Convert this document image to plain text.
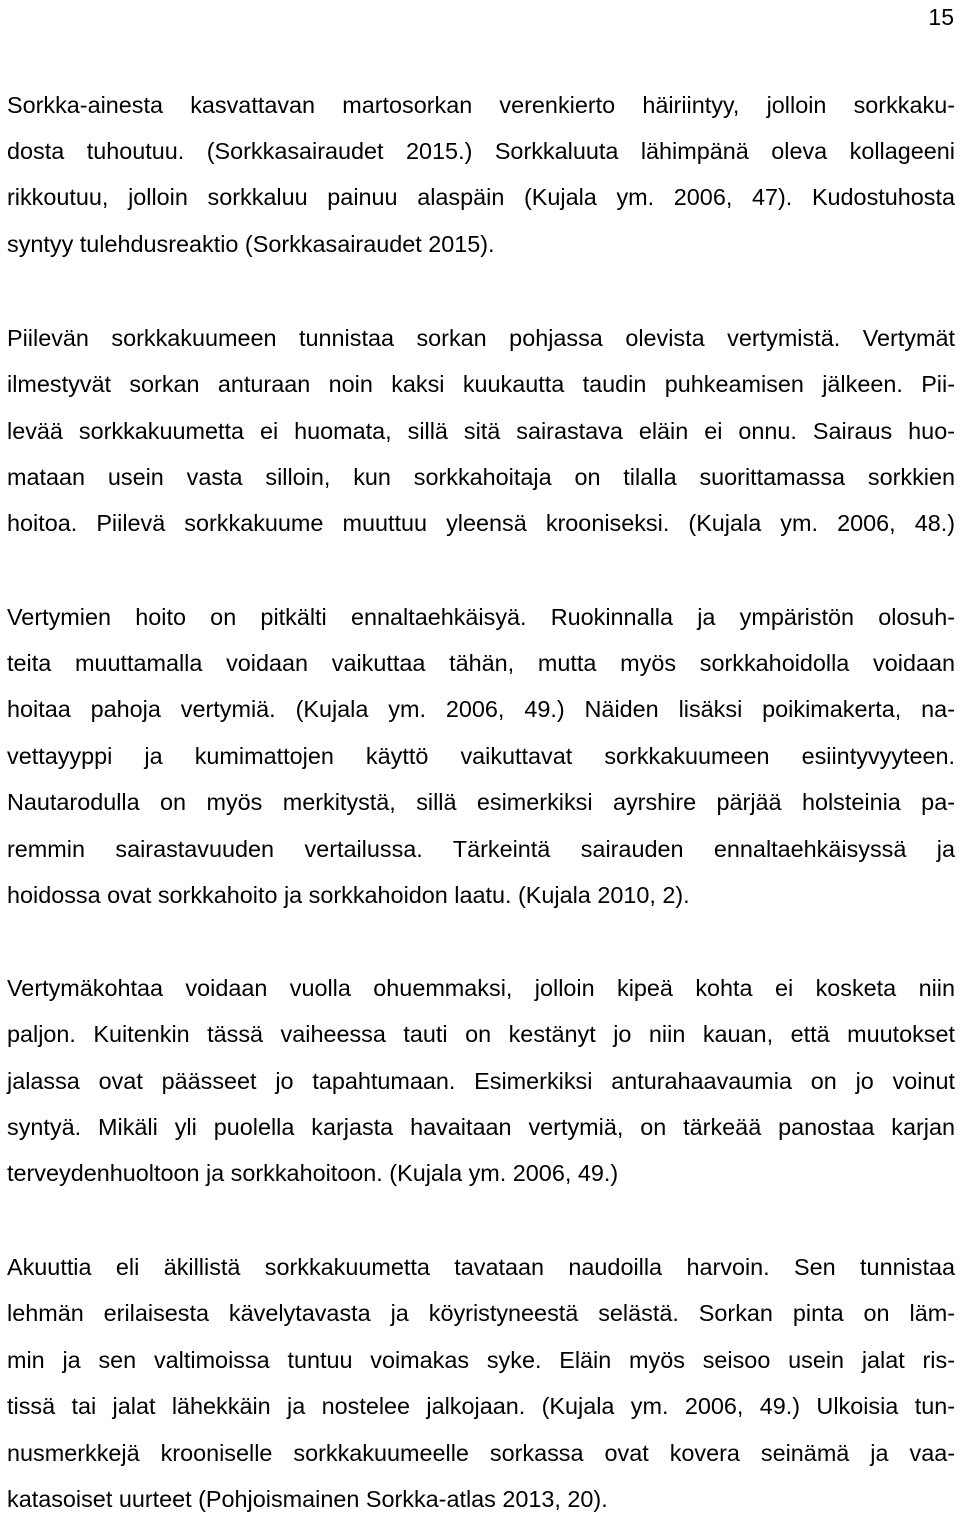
15
Sorkka-ainesta kasvattavan martosorkan verenkierto häiriintyy, jolloin sorkkaku-
dosta tuhoutuu. (Sorkkasairaudet 2015.) Sorkkaluuta lähimpänä oleva kollageeni
rikkoutuu, jolloin sorkkaluu painuu alaspäin (Kujala ym. 2006, 47). Kudostuhosta
syntyy tulehdusreaktio (Sorkkasairaudet 2015).
Piilevän sorkkakuumeen tunnistaa sorkan pohjassa olevista vertymistä. Vertymät
ilmestyvät sorkan anturaan noin kaksi kuukautta taudin puhkeamisen jälkeen. Pii-
levää sorkkakuumetta ei huomata, sillä sitä sairastava eläin ei onnu. Sairaus huo-
mataan usein vasta silloin, kun sorkkahoitaja on tilalla suorittamassa sorkkien
hoitoa. Piilevä sorkkakuume muuttuu yleensä krooniseksi. (Kujala ym. 2006, 48.)
Vertymien hoito on pitkälti ennaltaehkäisyä. Ruokinnalla ja ympäristön olosuh-
teita muuttamalla voidaan vaikuttaa tähän, mutta myös sorkkahoidolla voidaan
hoitaa pahoja vertymiä. (Kujala ym. 2006, 49.) Näiden lisäksi poikimakerta, na-
vettayyppi ja kumimattojen käyttö vaikuttavat sorkkakuumeen esiintyvyyteen.
Nautarodulla on myös merkitystä, sillä esimerkiksi ayrshire pärjää holsteinia pa-
remmin sairastavuuden vertailussa. Tärkeintä sairauden ennaltaehkäisyssä ja
hoidossa ovat sorkkahoito ja sorkkahoidon laatu. (Kujala 2010, 2).
Vertymäkohtaa voidaan vuolla ohuemmaksi, jolloin kipeä kohta ei kosketa niin
paljon. Kuitenkin tässä vaiheessa tauti on kestänyt jo niin kauan, että muutokset
jalassa ovat päässeet jo tapahtumaan. Esimerkiksi anturahaavaumia on jo voinut
syntyä. Mikäli yli puolella karjasta havaitaan vertymiä, on tärkeää panostaa karjan
terveydenhuoltoon ja sorkkahoitoon. (Kujala ym. 2006, 49.)
Akuuttia eli äkillistä sorkkakuumetta tavataan naudoilla harvoin. Sen tunnistaa
lehmän erilaisesta kävelytavasta ja köyristyneestä selästä. Sorkan pinta on läm-
min ja sen valtimoissa tuntuu voimakas syke. Eläin myös seisoo usein jalat ris-
tissä tai jalat lähekkäin ja nostelee jalkojaan. (Kujala ym. 2006, 49.) Ulkoisia tun-
nusmerkkejä krooniselle sorkkakuumeelle sorkassa ovat kovera seinämä ja vaa-
katasoiset uurteet (Pohjoismainen Sorkka-atlas 2013, 20).
